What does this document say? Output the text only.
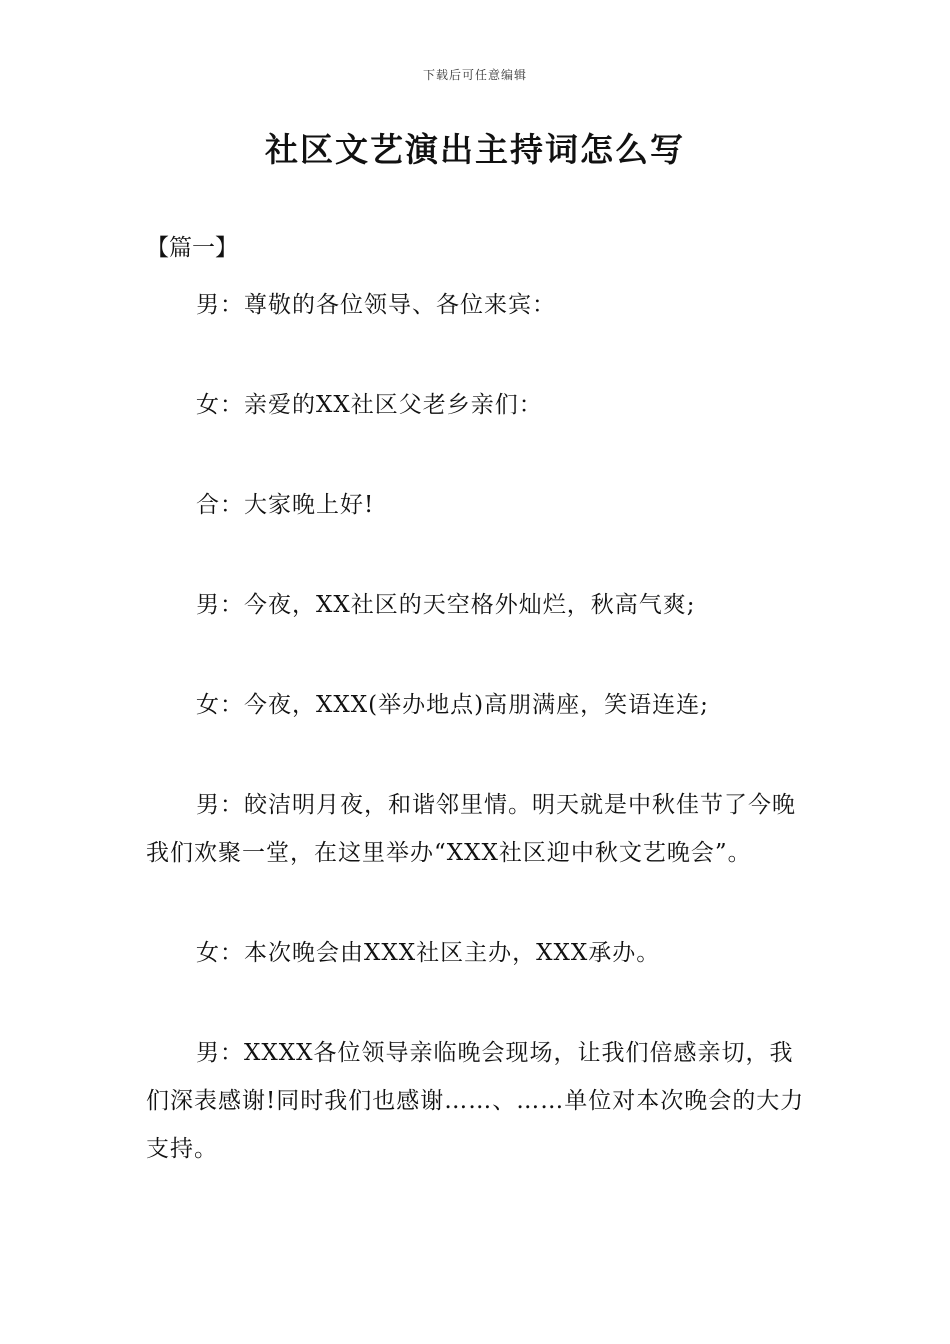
下载后可任意编辑
社区文艺演出主持词怎么写
【篇一】

男：尊敬的各位领导、各位来宾：

女：亲爱的XX社区父老乡亲们：

合：大家晚上好!

男：今夜，XX社区的天空格外灿烂，秋高气爽;

女：今夜，XXX(举办地点)高朋满座，笑语连连;

男：皎洁明月夜，和谐邻里情。明天就是中秋佳节了今晚我们欢聚一堂，在这里举办“XXX社区迎中秋文艺晚会”。

女：本次晚会由XXX社区主办，XXX承办。

男：XXXX各位领导亲临晚会现场，让我们倍感亲切，我们深表感谢!同时我们也感谢……、……单位对本次晚会的大力支持。
